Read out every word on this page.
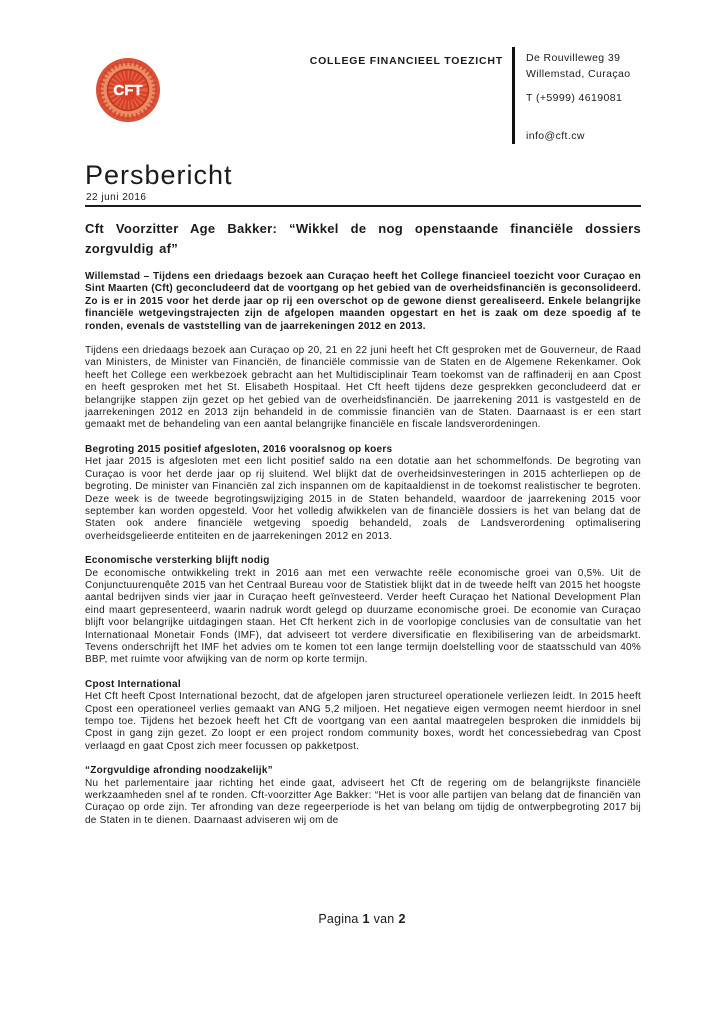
CFT
COLLEGE FINANCIEEL TOEZICHT De Rouvilleweg 39
Willemstad, Curaçao
T (+5999) 4619081
info@cft.cw
Persbericht
22 juni 2016

Cft Voorzitter Age Bakker: “Wikkel de nog openstaande financiële dossiers zorgvuldig af”

Willemstad – Tijdens een driedaags bezoek aan Curaçao heeft het College financieel toezicht voor Curaçao en Sint Maarten (Cft) geconcludeerd dat de voortgang op het gebied van de overheidsfinanciën is geconsolideerd. Zo is er in 2015 voor het derde jaar op rij een overschot op de gewone dienst gerealiseerd. Enkele belangrijke financiële wetgevingstrajecten zijn de afgelopen maanden opgestart en het is zaak om deze spoedig af te ronden, evenals de vaststelling van de jaarrekeningen 2012 en 2013.

Tijdens een driedaags bezoek aan Curaçao op 20, 21 en 22 juni heeft het Cft gesproken met de Gouverneur, de Raad van Ministers, de Minister van Financiën, de financiële commissie van de Staten en de Algemene Rekenkamer. Ook heeft het College een werkbezoek gebracht aan het Multidisciplinair Team toekomst van de raffinaderij en aan Cpost en heeft gesproken met het St. Elisabeth Hospitaal. Het Cft heeft tijdens deze gesprekken geconcludeerd dat er belangrijke stappen zijn gezet op het gebied van de overheidsfinanciën. De jaarrekening 2011 is vastgesteld en de jaarrekeningen 2012 en 2013 zijn behandeld in de commissie financiën van de Staten. Daarnaast is er een start gemaakt met de behandeling van een aantal belangrijke financiële en fiscale landsverordeningen.

Begroting 2015 positief afgesloten, 2016 vooralsnog op koers

Het jaar 2015 is afgesloten met een licht positief saldo na een dotatie aan het schommelfonds. De begroting van Curaçao is voor het derde jaar op rij sluitend. Wel blijkt dat de overheidsinvesteringen in 2015 achterliepen op de begroting. De minister van Financiën zal zich inspannen om de kapitaaldienst in de toekomst realistischer te begroten. Deze week is de tweede begrotingswijziging 2015 in de Staten behandeld, waardoor de jaarrekening 2015 voor september kan worden opgesteld. Voor het volledig afwikkelen van de financiële dossiers is het van belang dat de Staten ook andere financiële wetgeving spoedig behandeld, zoals de Landsverordening optimalisering overheidsgelieerde entiteiten en de jaarrekeningen 2012 en 2013.

Economische versterking blijft nodig

De economische ontwikkeling trekt in 2016 aan met een verwachte reële economische groei van 0,5%. Uit de Conjunctuurenquête 2015 van het Centraal Bureau voor de Statistiek blijkt dat in de tweede helft van 2015 het hoogste aantal bedrijven sinds vier jaar in Curaçao heeft geïnvesteerd. Verder heeft Curaçao het National Development Plan eind maart gepresenteerd, waarin nadruk wordt gelegd op duurzame economische groei. De economie van Curaçao blijft voor belangrijke uitdagingen staan. Het Cft herkent zich in de voorlopige conclusies van de consultatie van het Internationaal Monetair Fonds (IMF), dat adviseert tot verdere diversificatie en flexibilisering van de arbeidsmarkt. Tevens onderschrijft het IMF het advies om te komen tot een lange termijn doelstelling voor de staatsschuld van 40% BBP, met ruimte voor afwijking van de norm op korte termijn.

Cpost International

Het Cft heeft Cpost International bezocht, dat de afgelopen jaren structureel operationele verliezen leidt. In 2015 heeft Cpost een operationeel verlies gemaakt van ANG 5,2 miljoen. Het negatieve eigen vermogen neemt hierdoor in snel tempo toe. Tijdens het bezoek heeft het Cft de voortgang van een aantal maatregelen besproken die inmiddels bij Cpost in gang zijn gezet. Zo loopt er een project rondom community boxes, wordt het concessiebedrag van Cpost verlaagd en gaat Cpost zich meer focussen op pakketpost.

“Zorgvuldige afronding noodzakelijk”

Nu het parlementaire jaar richting het einde gaat, adviseert het Cft de regering om de belangrijkste financiële werkzaamheden snel af te ronden. Cft-voorzitter Age Bakker: “Het is voor alle partijen van belang dat de financiën van Curaçao op orde zijn. Ter afronding van deze regeerperiode is het van belang om tijdig de ontwerpbegroting 2017 bij de Staten in te dienen. Daarnaast adviseren wij om de

Pagina 1 van 2
